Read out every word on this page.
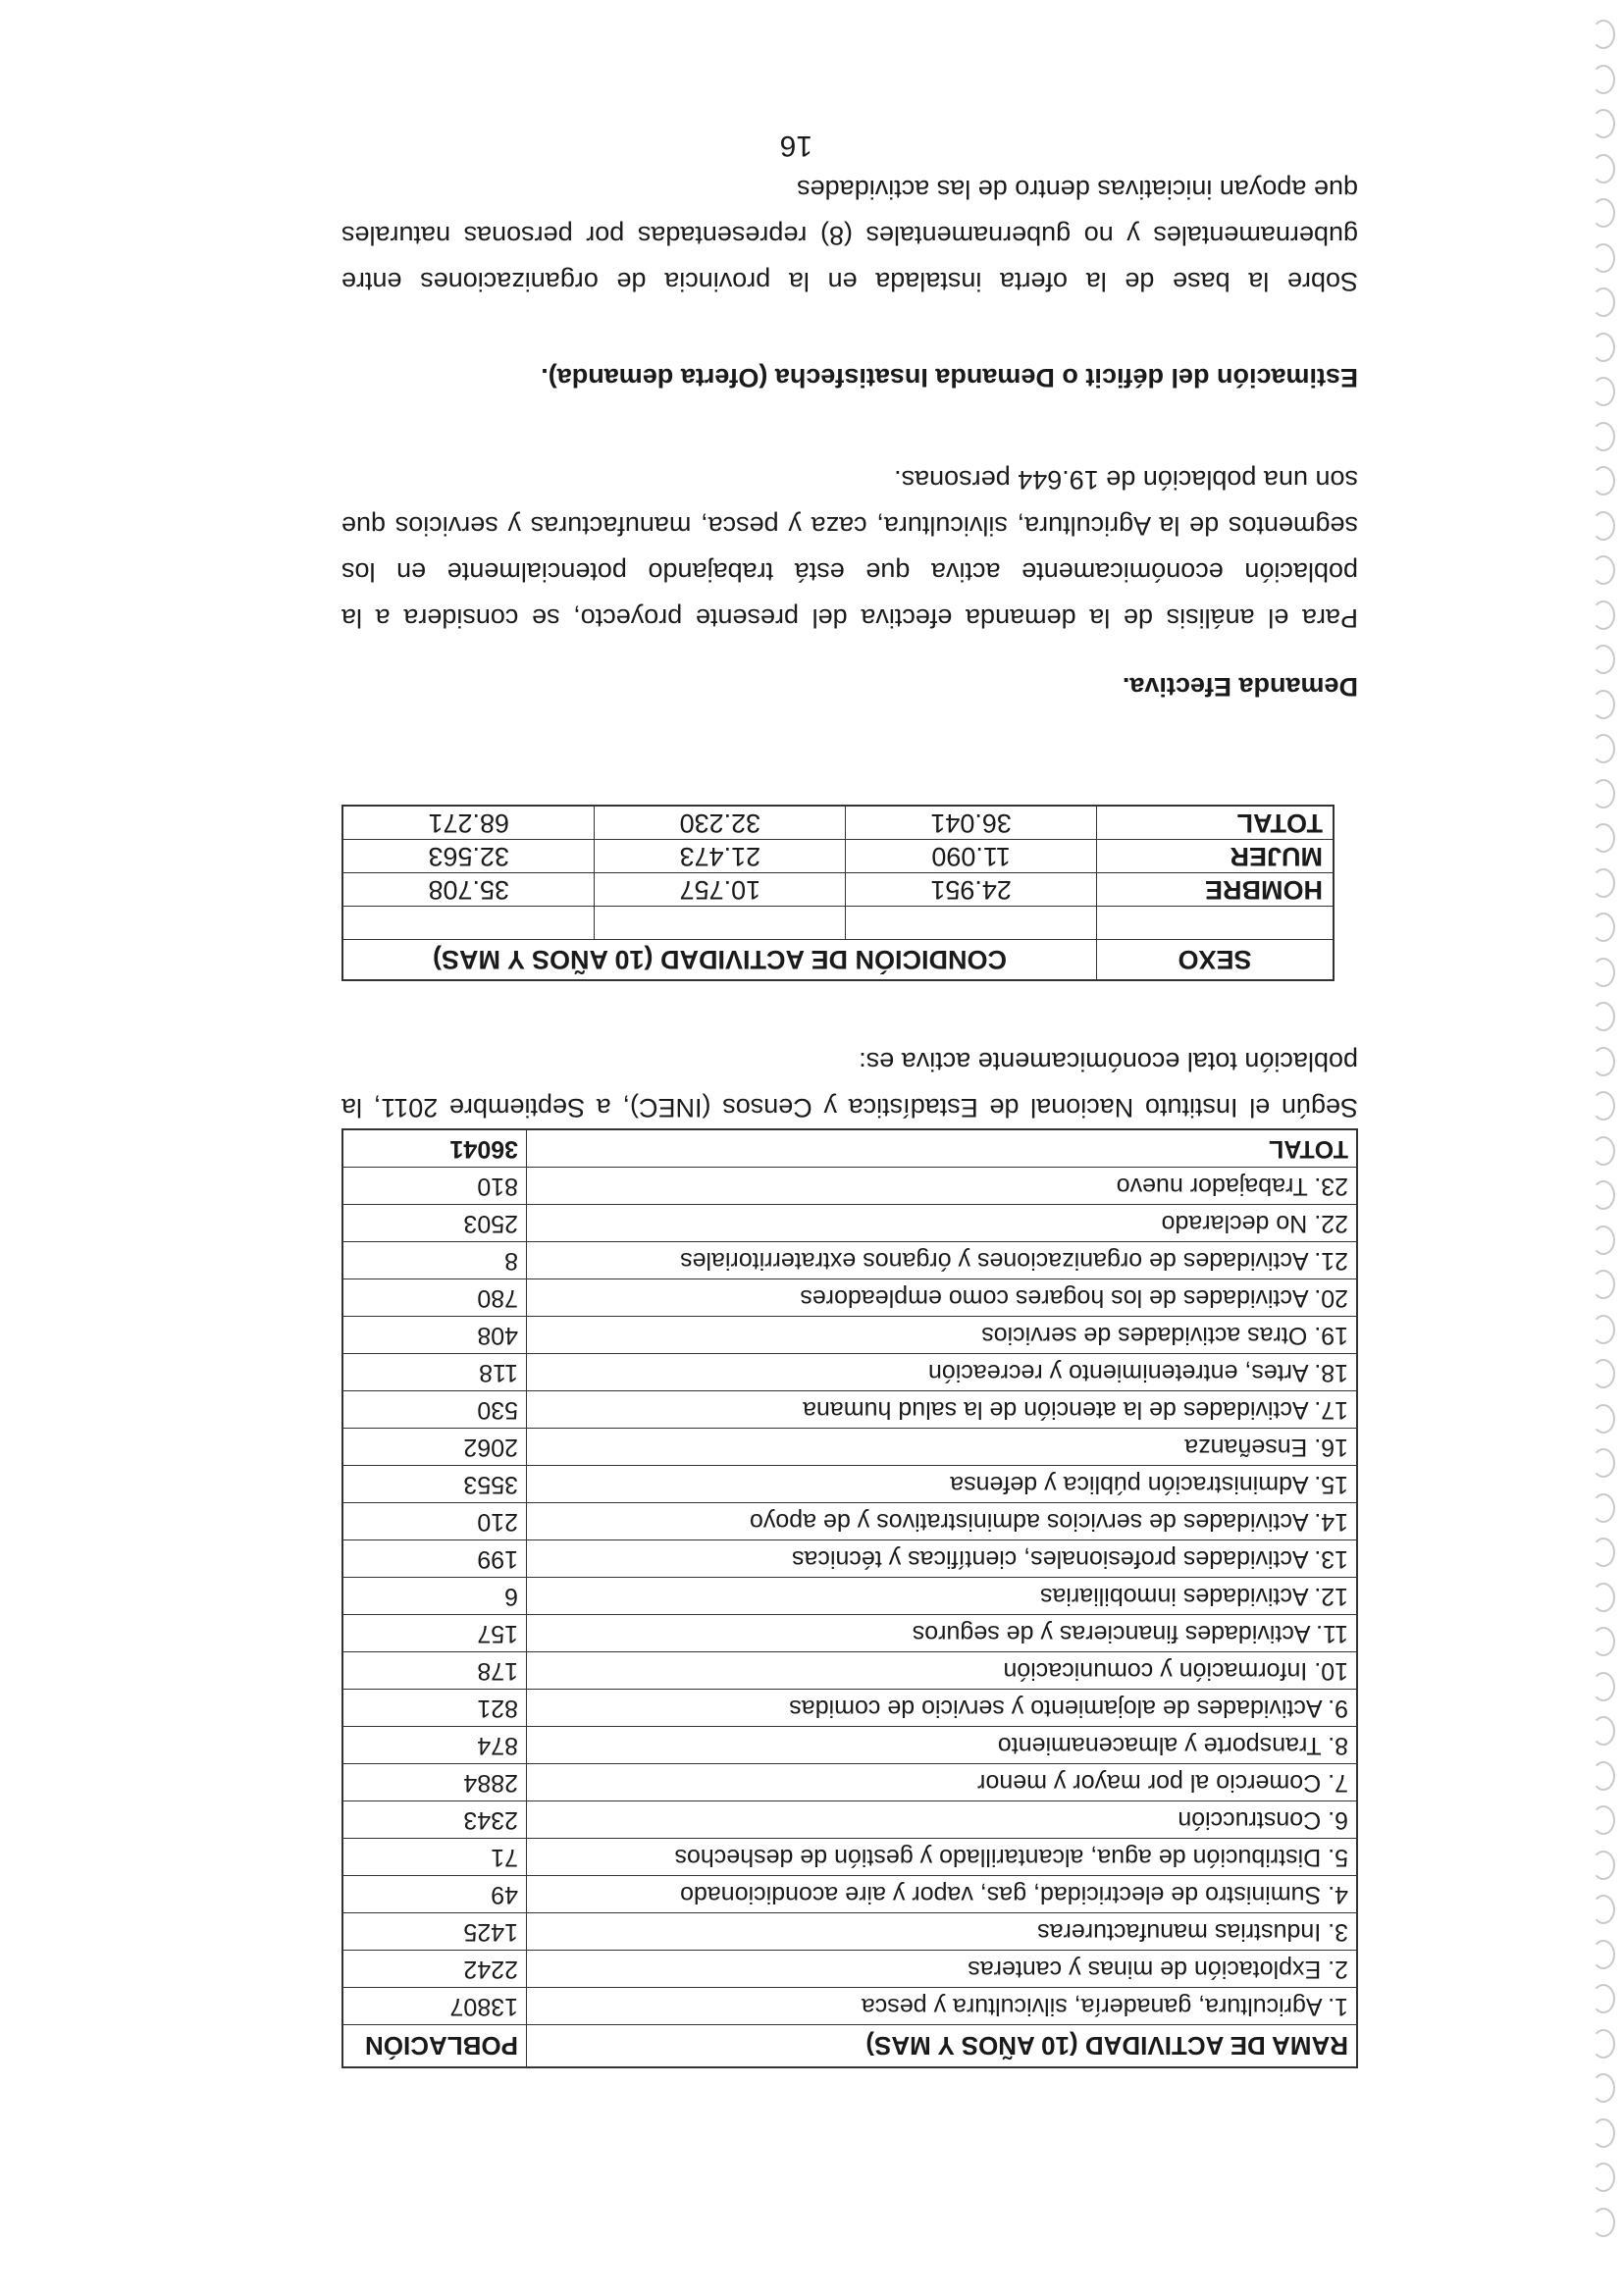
RAMA DE ACTIVIDAD (10 AÑOS Y MAS)	POBLACIÓN
1. Agricultura, ganadería, silvicultura y pesca	13807
2. Explotación de minas y canteras	2242
3. Industrias manufactureras	1425
4. Suministro de electricidad, gas, vapor y aire acondicionado	49
5. Distribución de agua, alcantarillado y gestión de deshechos	71
6. Construcción	2343
7. Comercio al por mayor y menor	2884
8. Transporte y almacenamiento	874
9. Actividades de alojamiento y servicio de comidas	821
10. Información y comunicación	178
11. Actividades financieras y de seguros	157
12. Actividades inmobiliarias	6
13. Actividades profesionales, científicas y técnicas	199
14. Actividades de servicios administrativos y de apoyo	210
15. Administración pública y defensa	3553
16. Enseñanza	2062
17. Actividades de la atención de la salud humana	530
18. Artes, entretenimiento y recreación	118
19. Otras actividades de servicios	408
20. Actividades de los hogares como empleadores	780
21. Actividades de organizaciones y órganos extraterritoriales	8
22. No declarado	2503
23. Trabajador nuevo	810
TOTAL	36041

Según el Instituto Nacional de Estadística y Censos (INEC), a Septiembre 2011, la población total económicamente activa es:

SEXO	CONDICIÓN DE ACTIVIDAD (10 AÑOS Y MAS)		

HOMBRE	24.951	10.757	35.708
MUJER	11.090	21.473	32.563
TOTAL	36.041	32.230	68.271

Demanda Efectiva.

Para el análisis de la demanda efectiva del presente proyecto, se considera a la población económicamente activa que está trabajando potencialmente en los segmentos de la Agricultura, silvicultura, caza y pesca, manufacturas y servicios que son una población de 19.644 personas.

Estimación del déficit o Demanda Insatisfecha (Oferta demanda).

Sobre la base de la oferta instalada en la provincia de organizaciones entre gubernamentales y no gubernamentales (8) representadas por personas naturales que apoyan iniciativas dentro de las actividades

16
